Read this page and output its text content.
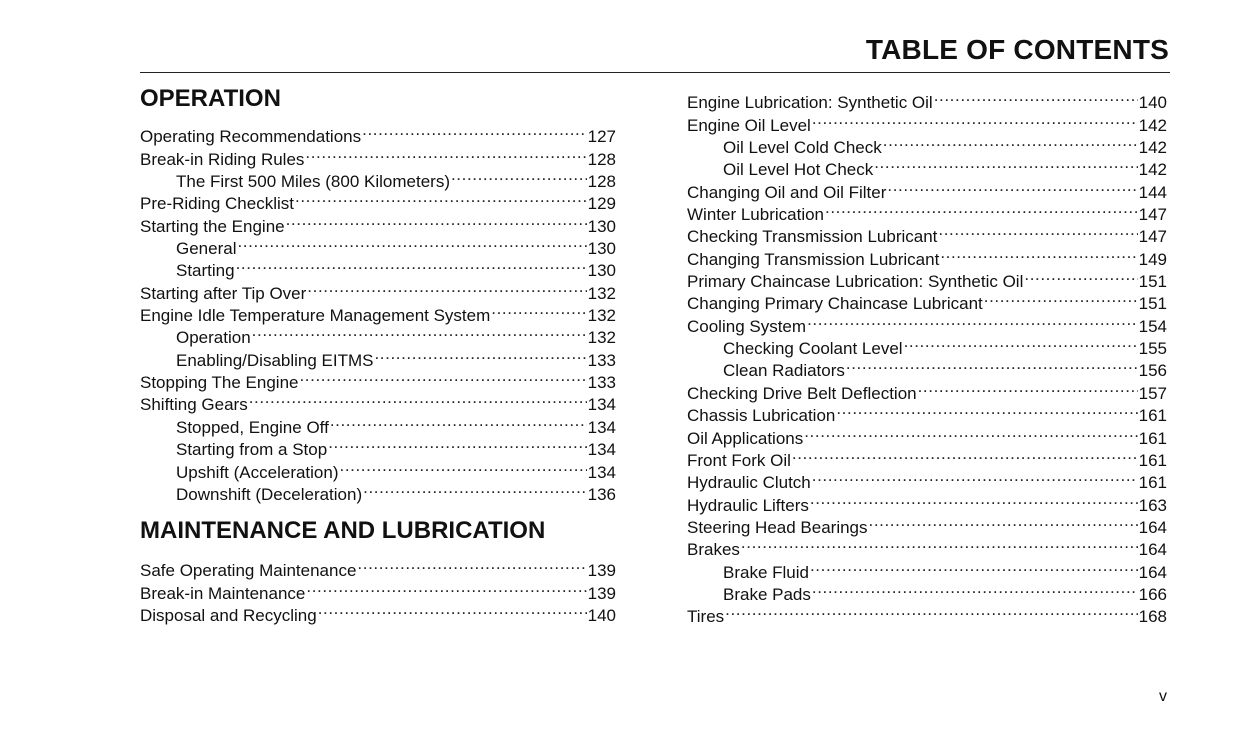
TABLE OF CONTENTS
OPERATION
Operating Recommendations .....	127
Break-in Riding Rules .....	128
The First 500 Miles (800 Kilometers) .....	128
Pre-Riding Checklist .....	129
Starting the Engine .....	130
General .....	130
Starting .....	130
Starting after Tip Over .....	132
Engine Idle Temperature Management System .....	132
Operation .....	132
Enabling/Disabling EITMS .....	133
Stopping The Engine .....	133
Shifting Gears .....	134
Stopped, Engine Off .....	134
Starting from a Stop .....	134
Upshift (Acceleration) .....	134
Downshift (Deceleration) .....	136
MAINTENANCE AND LUBRICATION
Safe Operating Maintenance .....	139
Break-in Maintenance .....	139
Disposal and Recycling .....	140
Engine Lubrication: Synthetic Oil .....	140
Engine Oil Level .....	142
Oil Level Cold Check .....	142
Oil Level Hot Check .....	142
Changing Oil and Oil Filter .....	144
Winter Lubrication .....	147
Checking Transmission Lubricant .....	147
Changing Transmission Lubricant .....	149
Primary Chaincase Lubrication: Synthetic Oil .....	151
Changing Primary Chaincase Lubricant .....	151
Cooling System .....	154
Checking Coolant Level .....	155
Clean Radiators .....	156
Checking Drive Belt Deflection .....	157
Chassis Lubrication .....	161
Oil Applications .....	161
Front Fork Oil .....	161
Hydraulic Clutch .....	161
Hydraulic Lifters .....	163
Steering Head Bearings .....	164
Brakes .....	164
Brake Fluid .....	164
Brake Pads .....	166
Tires .....	168
v
